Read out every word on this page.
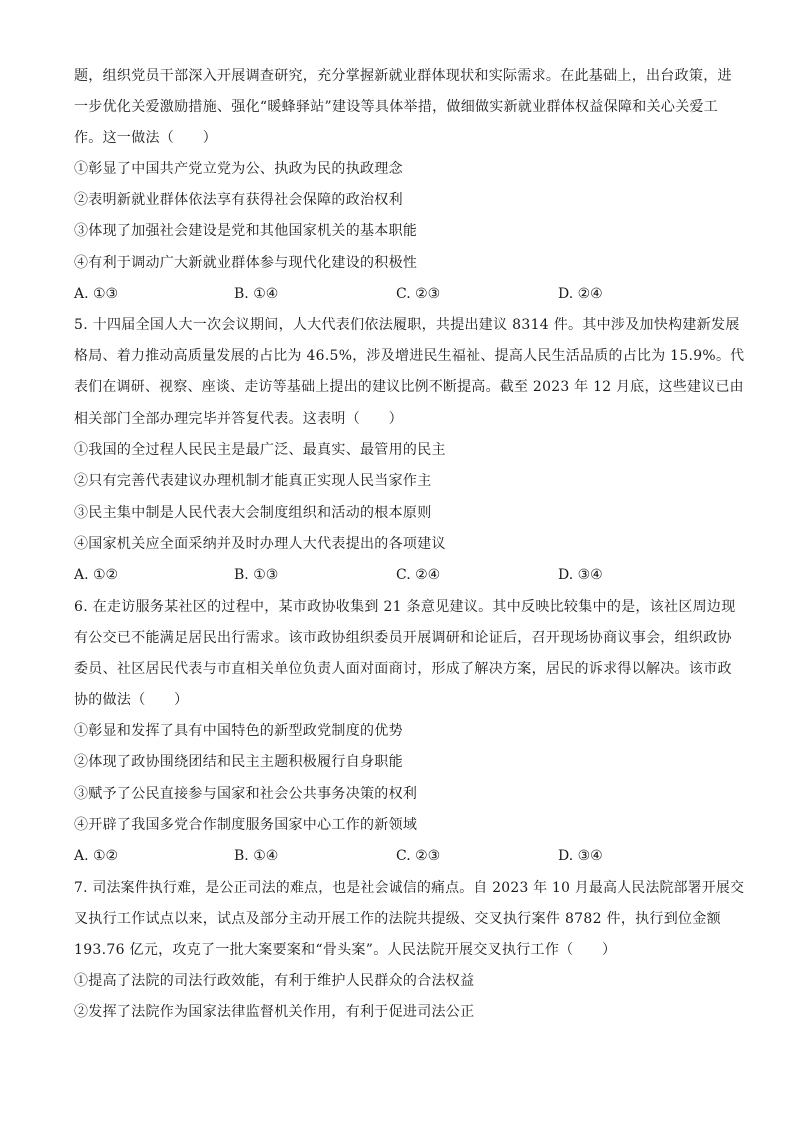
题，组织党员干部深入开展调查研究，充分掌握新就业群体现状和实际需求。在此基础上，出台政策，进
一步优化关爱激励措施、强化“暖蜂驿站”建设等具体举措，做细做实新就业群体权益保障和关心关爱工
作。这一做法（　　）
①彰显了中国共产党立党为公、执政为民的执政理念
②表明新就业群体依法享有获得社会保障的政治权利
③体现了加强社会建设是党和其他国家机关的基本职能
④有利于调动广大新就业群体参与现代化建设的积极性
A. ①③	B. ①④	C. ②③	D. ②④
5. 十四届全国人大一次会议期间，人大代表们依法履职，共提出建议 8314 件。其中涉及加快构建新发展
格局、着力推动高质量发展的占比为 46.5%，涉及增进民生福祉、提高人民生活品质的占比为 15.9%。代
表们在调研、视察、座谈、走访等基础上提出的建议比例不断提高。截至 2023 年 12 月底，这些建议已由
相关部门全部办理完毕并答复代表。这表明（　　）
①我国的全过程人民民主是最广泛、最真实、最管用的民主
②只有完善代表建议办理机制才能真正实现人民当家作主
③民主集中制是人民代表大会制度组织和活动的根本原则
④国家机关应全面采纳并及时办理人大代表提出的各项建议
A. ①②	B. ①③	C. ②④	D. ③④
6. 在走访服务某社区的过程中，某市政协收集到 21 条意见建议。其中反映比较集中的是，该社区周边现
有公交已不能满足居民出行需求。该市政协组织委员开展调研和论证后，召开现场协商议事会，组织政协
委员、社区居民代表与市直相关单位负责人面对面商讨，形成了解决方案，居民的诉求得以解决。该市政
协的做法（　　）
①彰显和发挥了具有中国特色的新型政党制度的优势
②体现了政协围绕团结和民主主题积极履行自身职能
③赋予了公民直接参与国家和社会公共事务决策的权利
④开辟了我国多党合作制度服务国家中心工作的新领域
A. ①②	B. ①④	C. ②③	D. ③④
7. 司法案件执行难，是公正司法的难点，也是社会诚信的痛点。自 2023 年 10 月最高人民法院部署开展交
叉执行工作试点以来，试点及部分主动开展工作的法院共提级、交叉执行案件 8782 件，执行到位金额
193.76 亿元，攻克了一批大案要案和“骨头案”。人民法院开展交叉执行工作（　　）
①提高了法院的司法行政效能，有利于维护人民群众的合法权益
②发挥了法院作为国家法律监督机关作用，有利于促进司法公正
